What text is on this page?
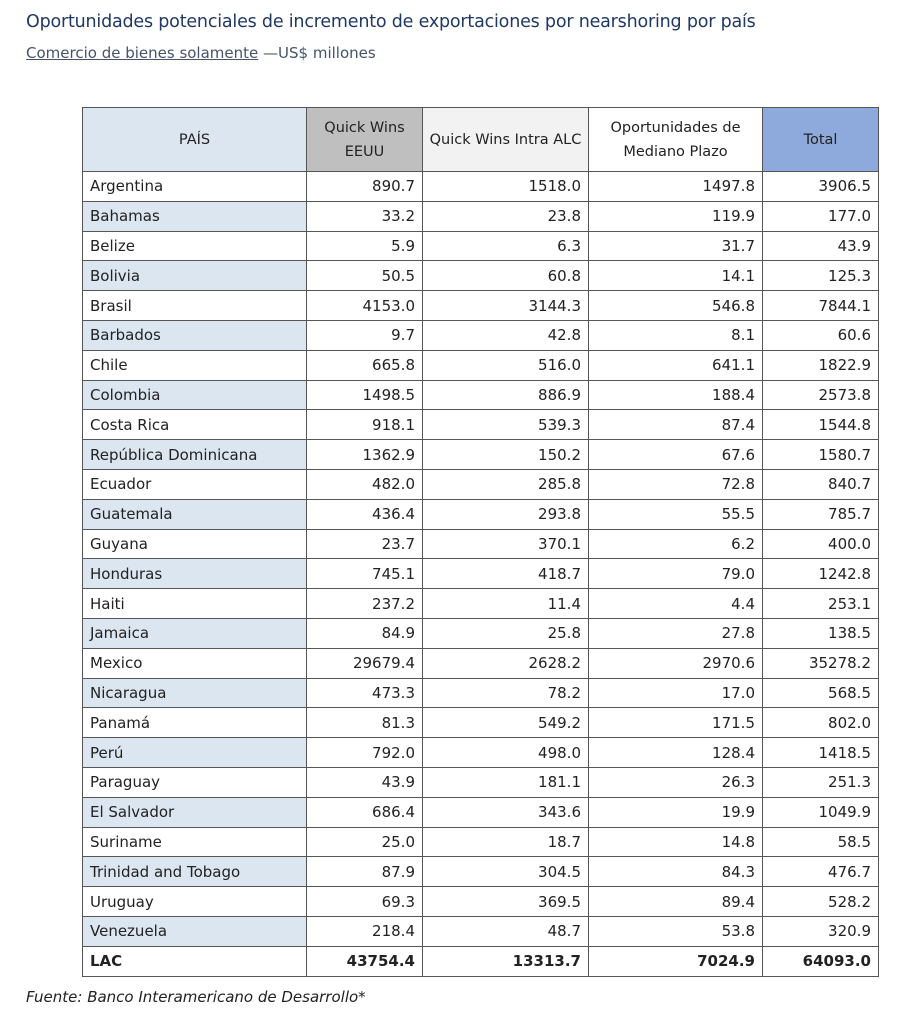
Oportunidades potenciales de incremento de exportaciones por nearshoring por país
Comercio de bienes solamente —US$ millones
PAÍS	Quick Wins EEUU	Quick Wins Intra ALC	Oportunidades de Mediano Plazo	Total
Argentina	890.7	1518.0	1497.8	3906.5
Bahamas	33.2	23.8	119.9	177.0
Belize	5.9	6.3	31.7	43.9
Bolivia	50.5	60.8	14.1	125.3
Brasil	4153.0	3144.3	546.8	7844.1
Barbados	9.7	42.8	8.1	60.6
Chile	665.8	516.0	641.1	1822.9
Colombia	1498.5	886.9	188.4	2573.8
Costa Rica	918.1	539.3	87.4	1544.8
República Dominicana	1362.9	150.2	67.6	1580.7
Ecuador	482.0	285.8	72.8	840.7
Guatemala	436.4	293.8	55.5	785.7
Guyana	23.7	370.1	6.2	400.0
Honduras	745.1	418.7	79.0	1242.8
Haiti	237.2	11.4	4.4	253.1
Jamaica	84.9	25.8	27.8	138.5
Mexico	29679.4	2628.2	2970.6	35278.2
Nicaragua	473.3	78.2	17.0	568.5
Panamá	81.3	549.2	171.5	802.0
Perú	792.0	498.0	128.4	1418.5
Paraguay	43.9	181.1	26.3	251.3
El Salvador	686.4	343.6	19.9	1049.9
Suriname	25.0	18.7	14.8	58.5
Trinidad and Tobago	87.9	304.5	84.3	476.7
Uruguay	69.3	369.5	89.4	528.2
Venezuela	218.4	48.7	53.8	320.9
LAC	43754.4	13313.7	7024.9	64093.0
Fuente: Banco Interamericano de Desarrollo*
